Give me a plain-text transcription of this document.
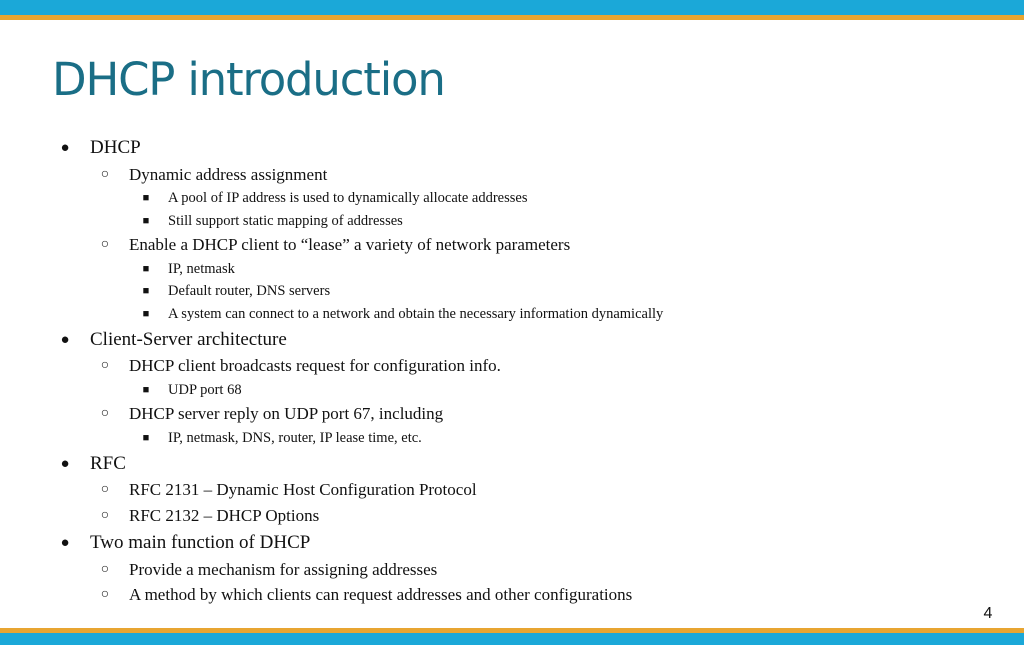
DHCP introduction
● DHCP
○ Dynamic address assignment
■	A pool of IP address is used to dynamically allocate addresses
■	Still support static mapping of addresses
○ Enable a DHCP client to “lease” a variety of network parameters
■	IP, netmask
■	Default router, DNS servers
■	A system can connect to a network and obtain the necessary information dynamically
● Client-Server architecture
○ DHCP client broadcasts request for configuration info.
■	UDP port 68
○ DHCP server reply on UDP port 67, including
■	IP, netmask, DNS, router, IP lease time, etc.
● RFC
○ RFC 2131 – Dynamic Host Configuration Protocol
○ RFC 2132 – DHCP Options
● Two main function of DHCP
○ Provide a mechanism for assigning addresses
○ A method by which clients can request addresses and other configurations
4
